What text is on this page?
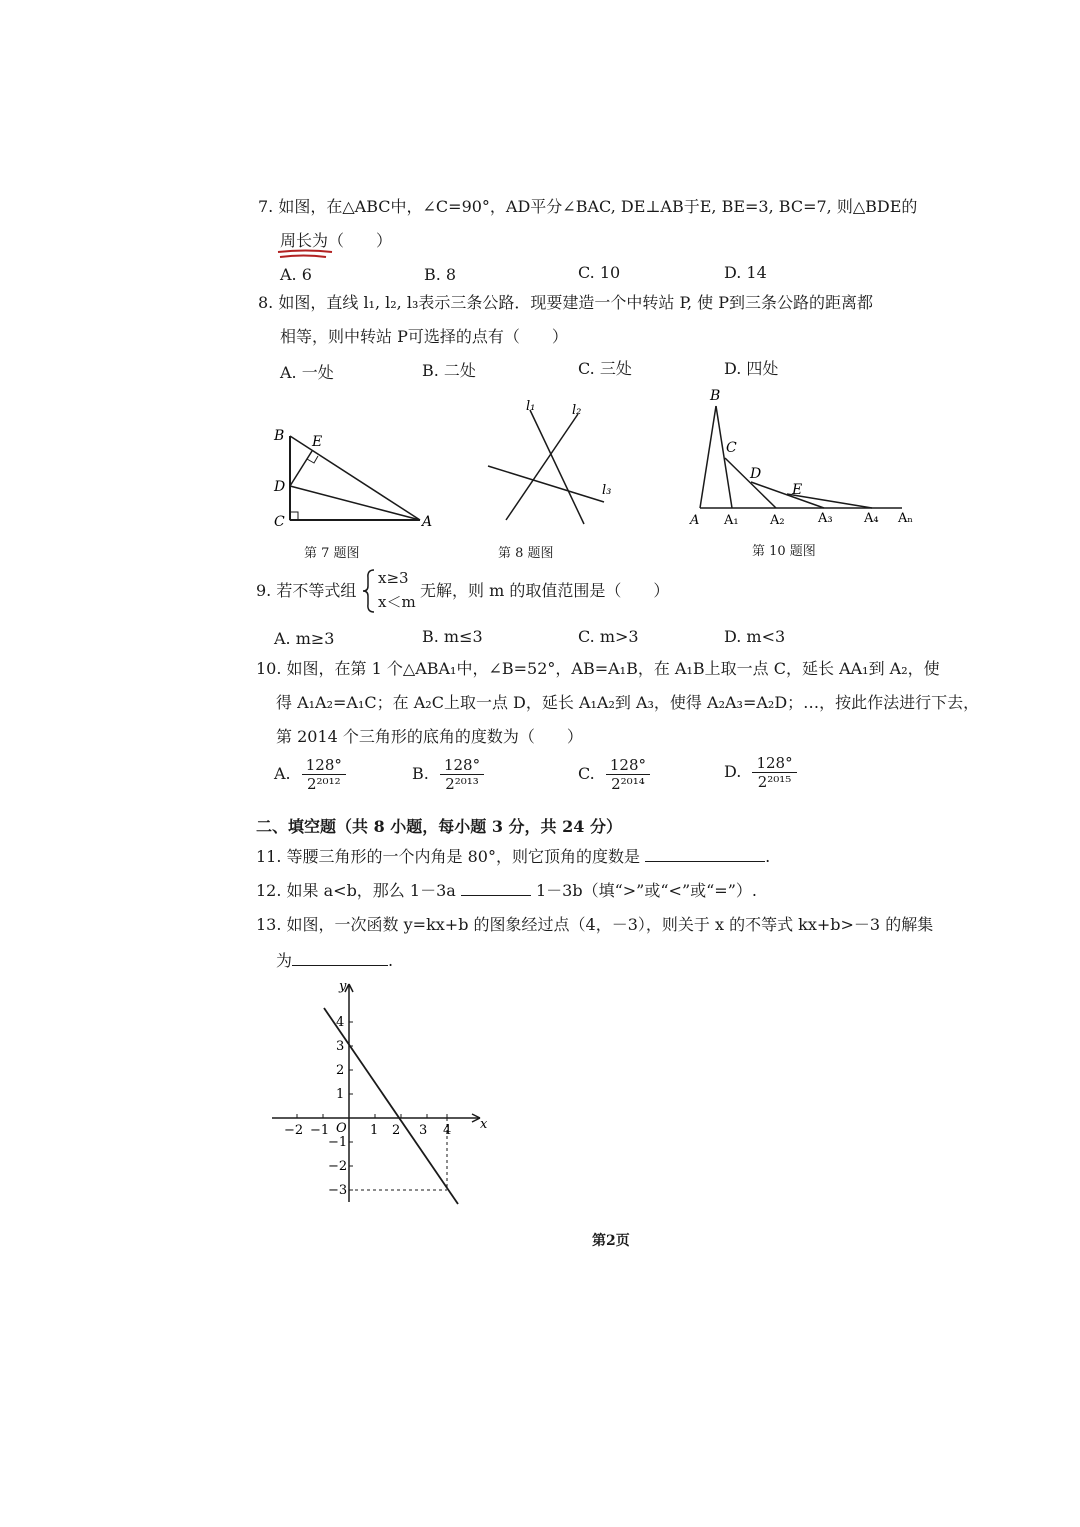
7. 如图，在△ABC中，∠C=90°，AD平分∠BAC, DE⊥AB于E, BE=3, BC=7, 则△BDE的
周长为（　　）
A. 6	B. 8	C. 10	D. 14
8. 如图，直线 l₁, l₂, l₃表示三条公路．现要建造一个中转站 P, 使 P到三条公路的距离都
相等，则中转站 P可选择的点有（　　）
A. 一处	B. 二处	C. 三处	D. 四处
B E
D
C	A
第 7 题图
l₁	l₂
l₃
第 8 题图
B
C
D
E
A A₁ A₂	A₃ A₄ Aₙ
第 10 题图
9. 若不等式组
x≥3
x＜m
无解，则 m 的取值范围是（　　）
A. m≥3	B. m≤3	C. m>3	D. m<3
10. 如图，在第 1 个△ABA₁中，∠B=52°，AB=A₁B，在 A₁B上取一点 C，延长 AA₁到 A₂，使
得 A₁A₂=A₁C；在 A₂C上取一点 D，延长 A₁A₂到 A₃，使得 A₂A₃=A₂D；…，按此作法进行下去，
第 2014 个三角形的底角的度数为（　　）
A. $\frac{128^\circ}{\text{2²⁰¹²}}$	B. $\frac{128^\circ}{\text{2²⁰¹³}}$	C. $\frac{128^\circ}{\text{2²⁰¹⁴}}$	D. $\frac{128^\circ}{\text{2²⁰¹⁵}}$
二、填空题（共 8 小题，每小题 3 分，共 24 分）
11. 等腰三角形的一个内角是 80°，则它顶角的度数是	.
12. 如果 a<b，那么 1－3a	1－3b（填“>”或“<”或“=”）.
13. 如图，一次函数 y=kx+b 的图象经过点（4，－3），则关于 x 的不等式 kx+b>－3 的解集
为	.
y
x
O
−2 −1	1 2 3 4
4
3
2
1
−1
−2
−3
第2页
